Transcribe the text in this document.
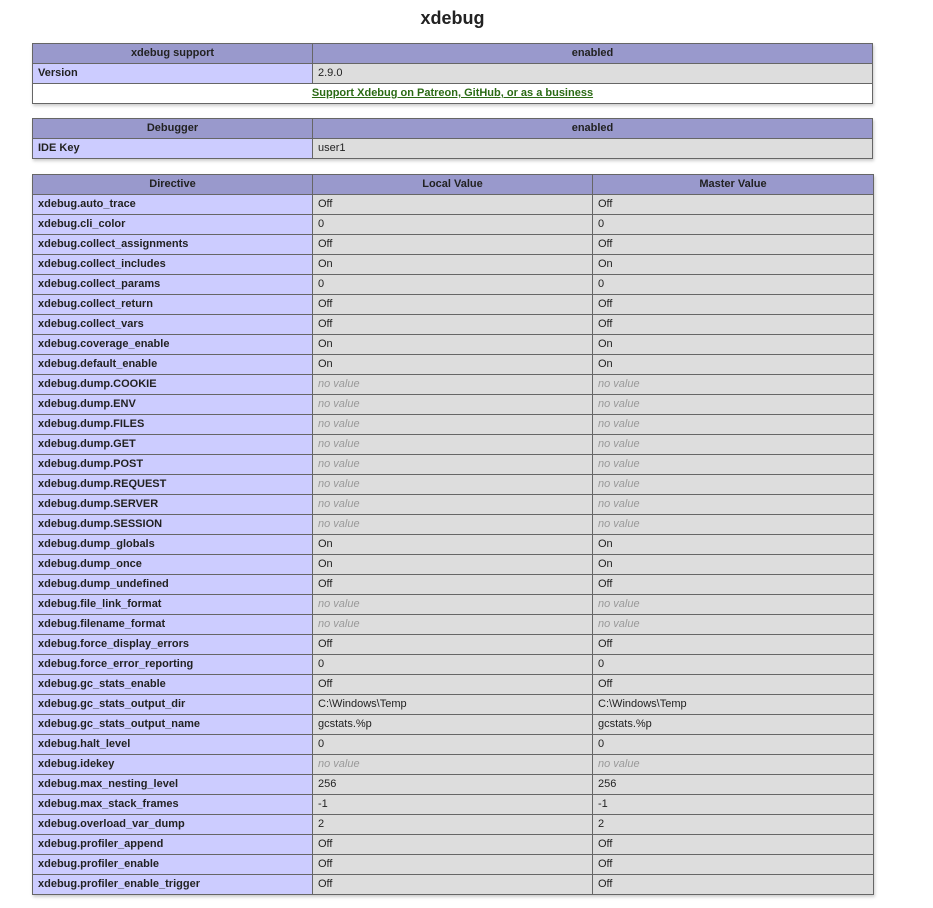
xdebug
xdebug support	enabled
Version	2.9.0
Support Xdebug on Patreon, GitHub, or as a business	
Debugger	enabled
IDE Key	user1
Directive	Local Value	Master Value
xdebug.auto_trace	Off	Off
xdebug.cli_color	0	0
xdebug.collect_assignments	Off	Off
xdebug.collect_includes	On	On
xdebug.collect_params	0	0
xdebug.collect_return	Off	Off
xdebug.collect_vars	Off	Off
xdebug.coverage_enable	On	On
xdebug.default_enable	On	On
xdebug.dump.COOKIE	no value	no value
xdebug.dump.ENV	no value	no value
xdebug.dump.FILES	no value	no value
xdebug.dump.GET	no value	no value
xdebug.dump.POST	no value	no value
xdebug.dump.REQUEST	no value	no value
xdebug.dump.SERVER	no value	no value
xdebug.dump.SESSION	no value	no value
xdebug.dump_globals	On	On
xdebug.dump_once	On	On
xdebug.dump_undefined	Off	Off
xdebug.file_link_format	no value	no value
xdebug.filename_format	no value	no value
xdebug.force_display_errors	Off	Off
xdebug.force_error_reporting	0	0
xdebug.gc_stats_enable	Off	Off
xdebug.gc_stats_output_dir	C:\Windows\Temp	C:\Windows\Temp
xdebug.gc_stats_output_name	gcstats.%p	gcstats.%p
xdebug.halt_level	0	0
xdebug.idekey	no value	no value
xdebug.max_nesting_level	256	256
xdebug.max_stack_frames	-1	-1
xdebug.overload_var_dump	2	2
xdebug.profiler_append	Off	Off
xdebug.profiler_enable	Off	Off
xdebug.profiler_enable_trigger	Off	Off
